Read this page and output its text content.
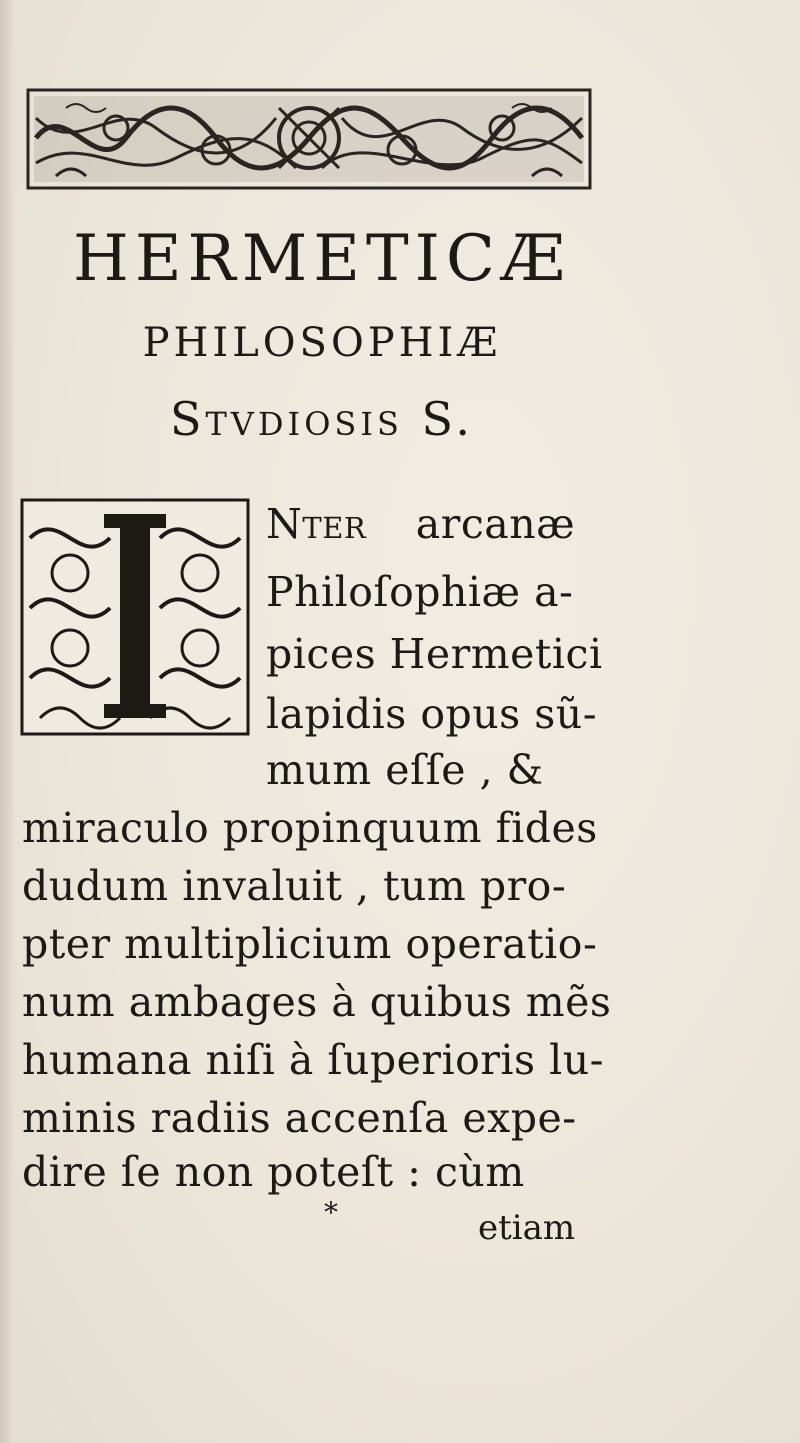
HERMETICÆ
PHILOSOPHIÆ
Stvdiosis S.
Nter arcanæ
Philoſophiæ a-
pices Hermetici
lapidis opus sũ-
mum eſſe , &
miraculo propinquum fides
dudum invaluit , tum pro-
pter multiplicium operatio-
num ambages à quibus mẽs
humana niſi à ſuperioris lu-
minis radiis accenſa expe-
dire ſe non poteſt : cùm
*	etiam
